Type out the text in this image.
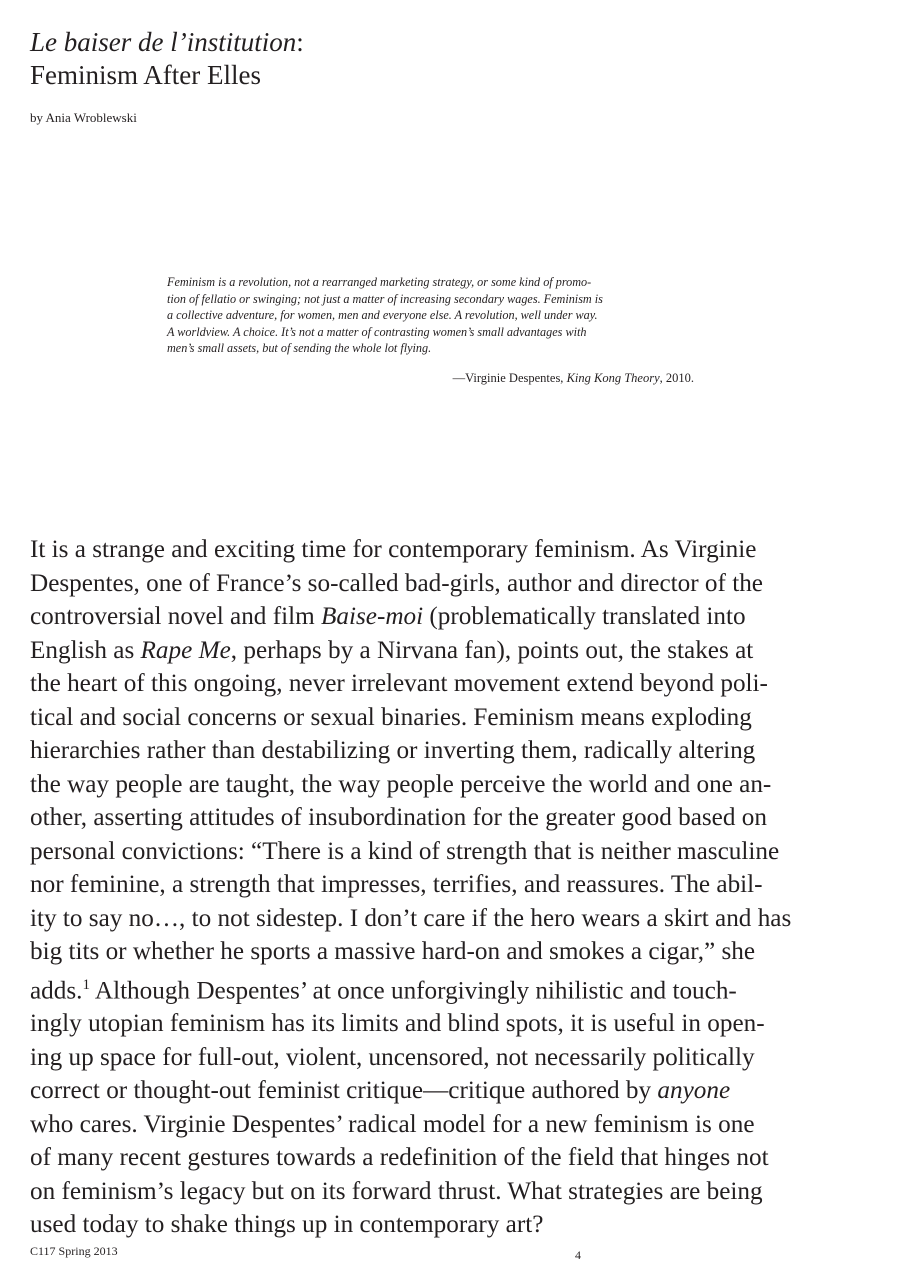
Le baiser de l’institution:
Feminism After Elles
by Ania Wroblewski
Feminism is a revolution, not a rearranged marketing strategy, or some kind of promo-
tion of fellatio or swinging; not just a matter of increasing secondary wages. Feminism is
a collective adventure, for women, men and everyone else. A revolution, well under way.
A worldview. A choice. It’s not a matter of contrasting women’s small advantages with
men’s small assets, but of sending the whole lot flying.
—Virginie Despentes, King Kong Theory, 2010.
It is a strange and exciting time for contemporary feminism. As Virginie
Despentes, one of France’s so-called bad-girls, author and director of the
controversial novel and film Baise-moi (problematically translated into
English as Rape Me, perhaps by a Nirvana fan), points out, the stakes at
the heart of this ongoing, never irrelevant movement extend beyond poli-
tical and social concerns or sexual binaries. Feminism means exploding
hierarchies rather than destabilizing or inverting them, radically altering
the way people are taught, the way people perceive the world and one an-
other, asserting attitudes of insubordination for the greater good based on
personal convictions: “There is a kind of strength that is neither masculine
nor feminine, a strength that impresses, terrifies, and reassures. The abil-
ity to say no…, to not sidestep. I don’t care if the hero wears a skirt and has
big tits or whether he sports a massive hard-on and smokes a cigar,” she
adds.$^1$ Although Despentes’ at once unforgivingly nihilistic and touch-
ingly utopian feminism has its limits and blind spots, it is useful in open-
ing up space for full-out, violent, uncensored, not necessarily politically
correct or thought-out feminist critique—critique authored by anyone
who cares. Virginie Despentes’ radical model for a new feminism is one
of many recent gestures towards a redefinition of the field that hinges not
on feminism’s legacy but on its forward thrust. What strategies are being
used today to shake things up in contemporary art?
C117 Spring 2013	4
